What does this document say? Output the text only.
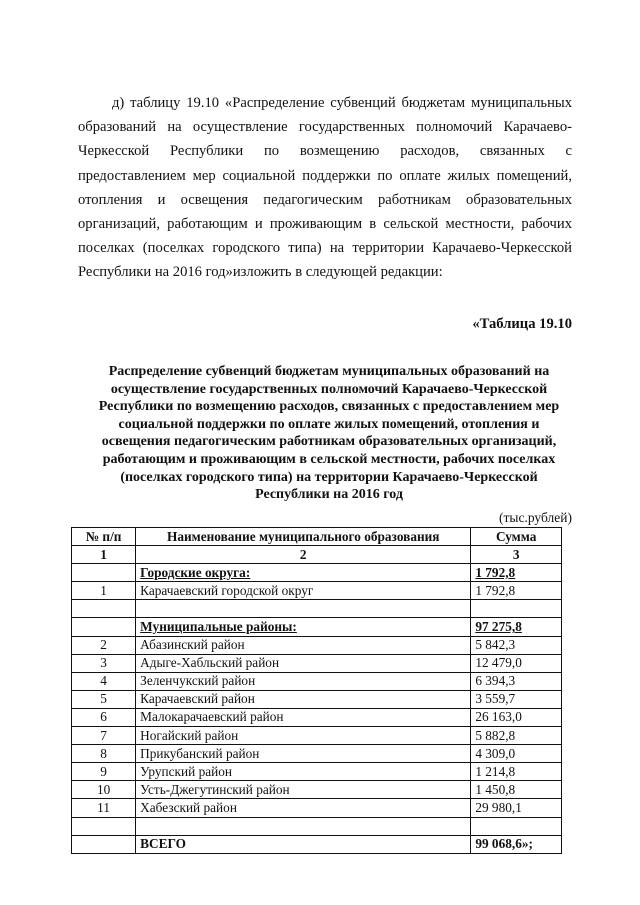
д) таблицу 19.10 «Распределение субвенций бюджетам муниципальных
образований на осуществление государственных полномочий Карачаево-Черкесской Республики по возмещению расходов, связанных с предоставлением мер социальной поддержки по оплате жилых помещений, отопления и освещения педагогическим работникам образовательных организаций, работающим и проживающим в сельской местности, рабочих поселках (поселках городского типа) на территории Карачаево-Черкесской Республики на 2016 год»изложить в следующей редакции:
«Таблица 19.10
Распределение субвенций бюджетам муниципальных образований на осуществление государственных полномочий Карачаево-Черкесской Республики по возмещению расходов, связанных с предоставлением мер социальной поддержки по оплате жилых помещений, отопления и освещения педагогическим работникам образовательных организаций, работающим и проживающим в сельской местности, рабочих поселках (поселках городского типа) на территории Карачаево-Черкесской Республики на 2016 год
(тыс.рублей)
№ п/п	Наименование муниципального образования	Сумма
1	2	3
	Городские округа:	1 792,8
1	Карачаевский городской округ	1 792,8

	Муниципальные районы:	97 275,8
2	Абазинский район	5 842,3
3	Адыге-Хабльский район	12 479,0
4	Зеленчукский район	6 394,3
5	Карачаевский район	3 559,7
6	Малокарачаевский район	26 163,0
7	Ногайский район	5 882,8
8	Прикубанский район	4 309,0
9	Урупский район	1 214,8
10	Усть-Джегутинский район	1 450,8
11	Хабезский район	29 980,1

	ВСЕГО	99 068,6»;
